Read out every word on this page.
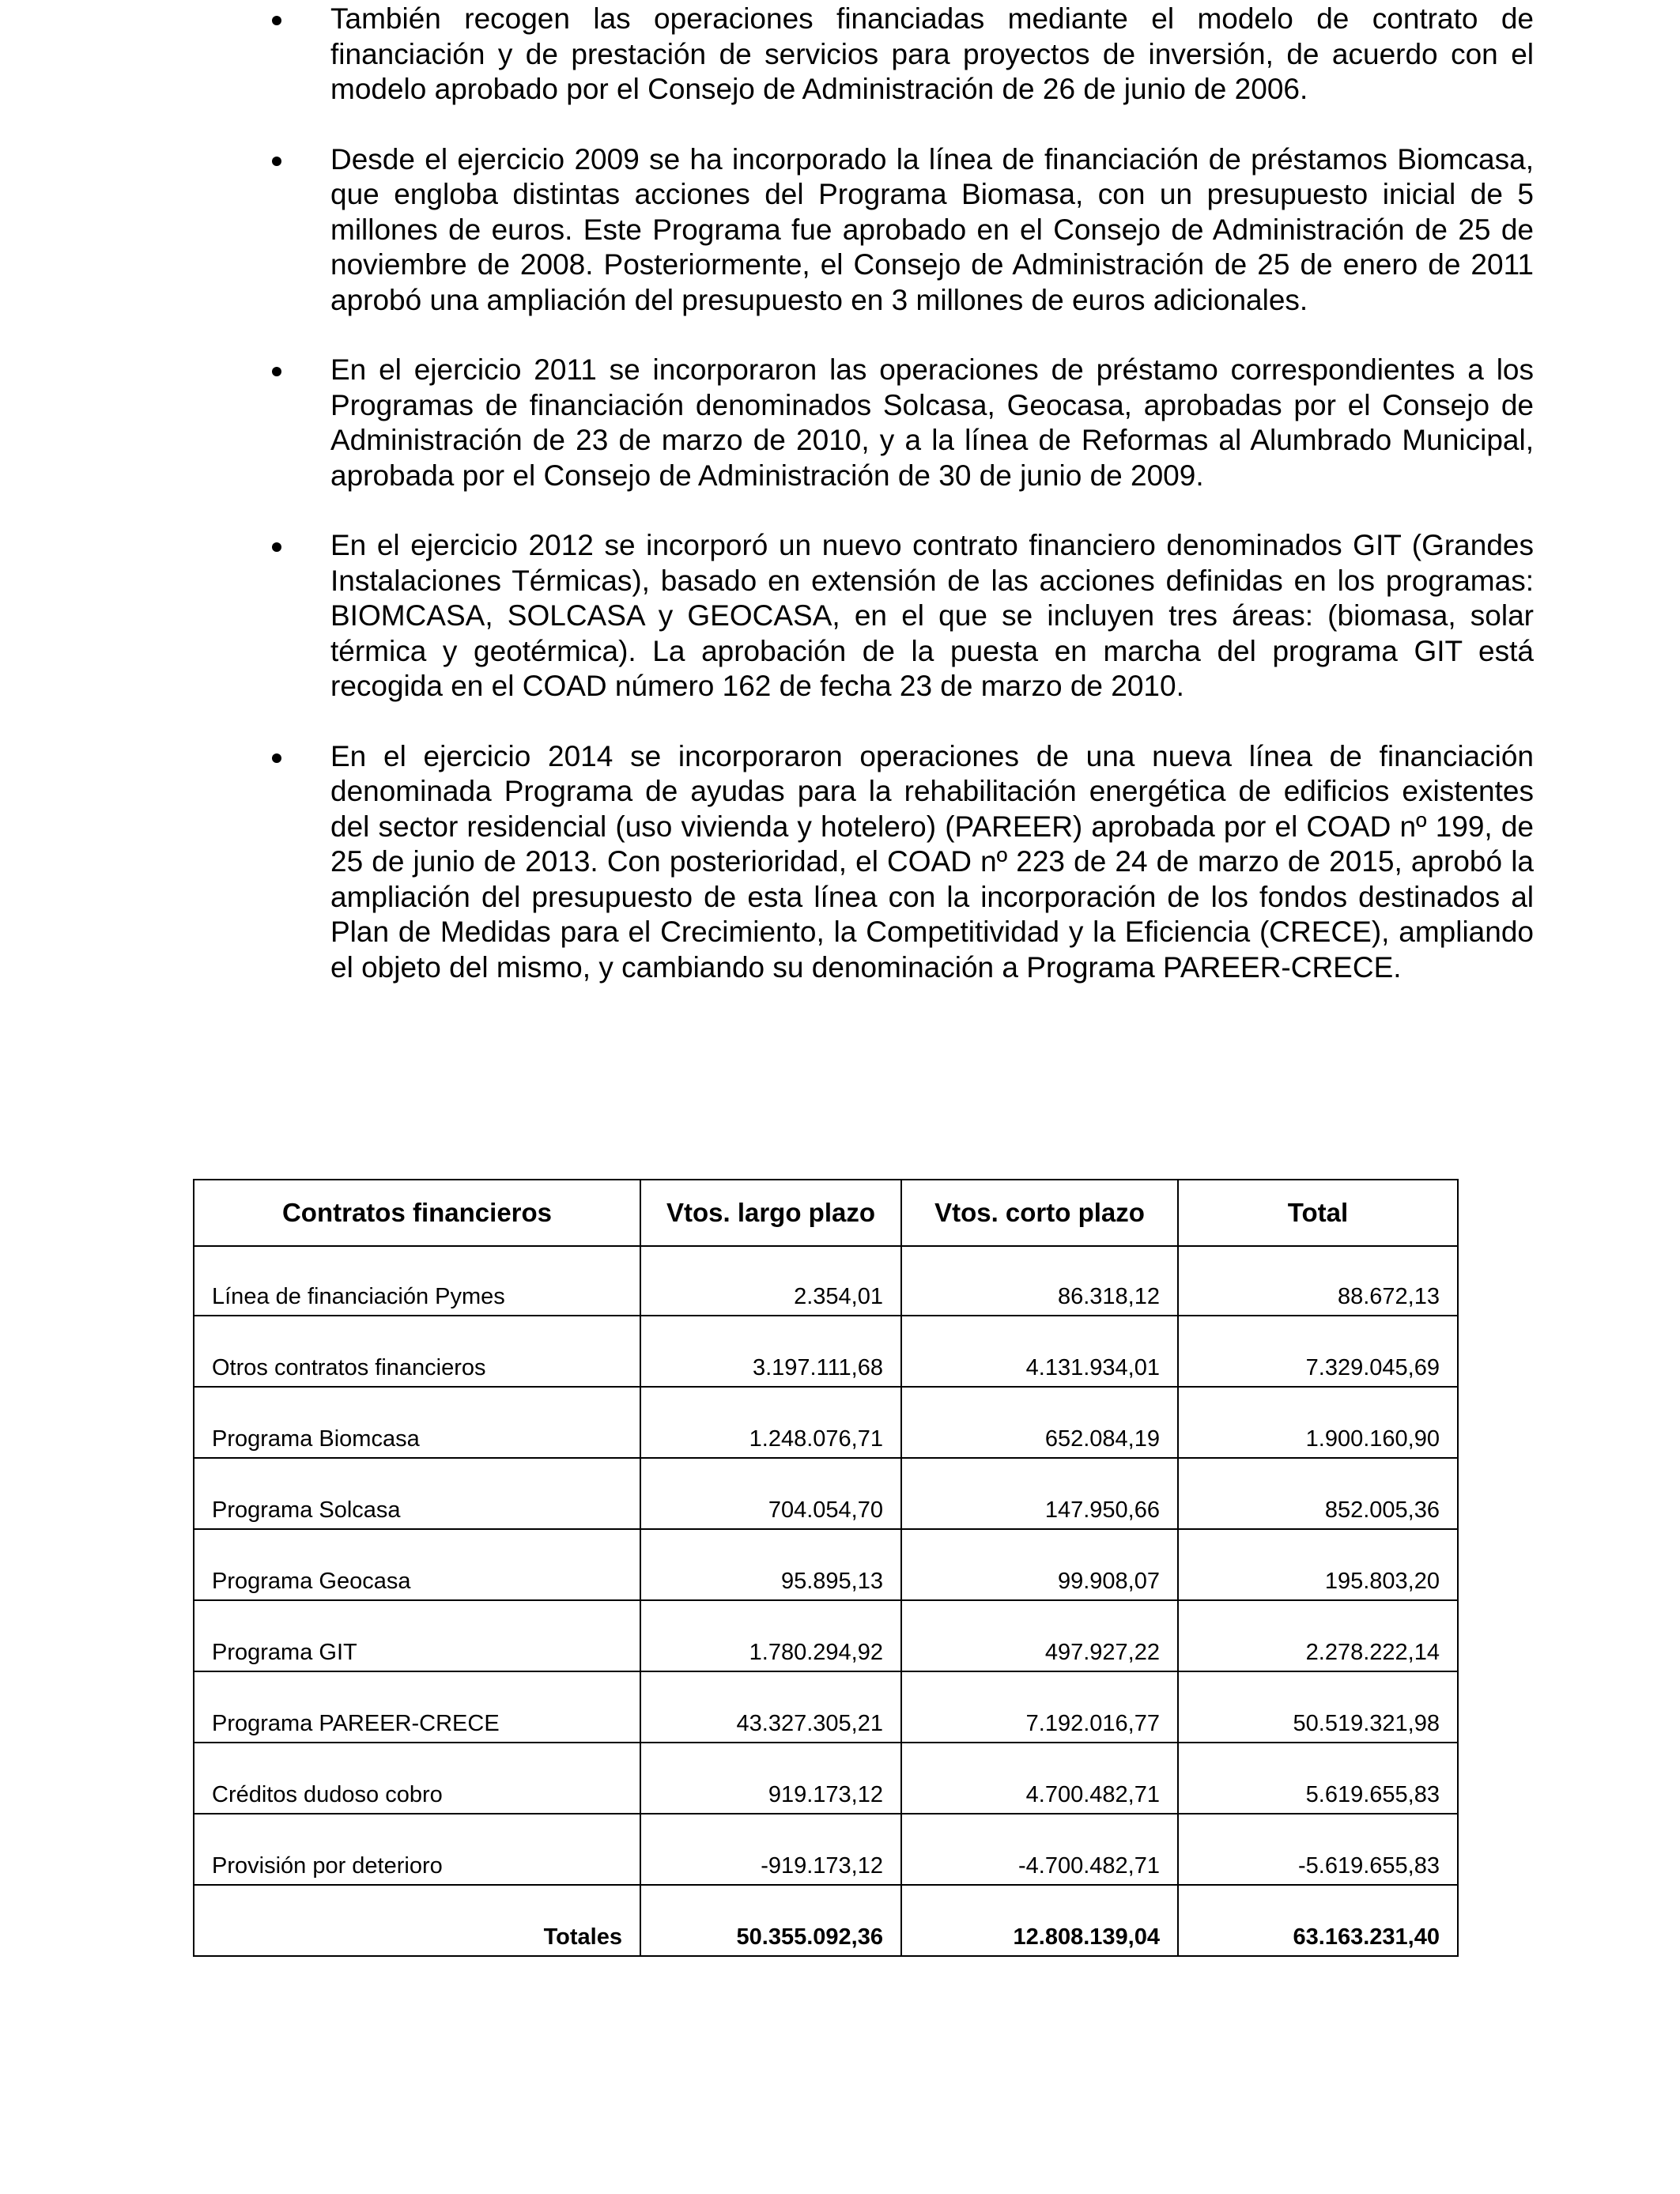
También recogen las operaciones financiadas mediante el modelo de contrato de financiación y de prestación de servicios para proyectos de inversión, de acuerdo con el modelo aprobado por el Consejo de Administración de 26 de junio de 2006.
Desde el ejercicio 2009 se ha incorporado la línea de financiación de préstamos Biomcasa, que engloba distintas acciones del Programa Biomasa, con un presupuesto inicial de 5 millones de euros. Este Programa fue aprobado en el Consejo de Administración de 25 de noviembre de 2008. Posteriormente, el Consejo de Administración de 25 de enero de 2011 aprobó una ampliación del presupuesto en 3 millones de euros adicionales.
En el ejercicio 2011 se incorporaron las operaciones de préstamo correspondientes a los Programas de financiación denominados Solcasa, Geocasa, aprobadas por el Consejo de Administración de 23 de marzo de 2010, y a la línea de Reformas al Alumbrado Municipal, aprobada por el Consejo de Administración de 30 de junio de 2009.
En el ejercicio 2012 se incorporó un nuevo contrato financiero denominados GIT (Grandes Instalaciones Térmicas), basado en extensión de las acciones definidas en los programas: BIOMCASA, SOLCASA y GEOCASA, en el que se incluyen tres áreas: (biomasa, solar térmica y geotérmica). La aprobación de la puesta en marcha del programa GIT está recogida en el COAD número 162 de fecha 23 de marzo de 2010.
En el ejercicio 2014 se incorporaron operaciones de una nueva línea de financiación denominada Programa de ayudas para la rehabilitación energética de edificios existentes del sector residencial (uso vivienda y hotelero) (PAREER) aprobada por el COAD nº 199, de 25 de junio de 2013. Con posterioridad, el COAD nº 223 de 24 de marzo de 2015, aprobó la ampliación del presupuesto de esta línea con la incorporación de los fondos destinados al Plan de Medidas para el Crecimiento, la Competitividad y la Eficiencia (CRECE), ampliando el objeto del mismo, y cambiando su denominación a Programa PAREER-CRECE.
Contratos financieros	Vtos. largo plazo	Vtos. corto plazo	Total
Línea de financiación Pymes	2.354,01	86.318,12	88.672,13
Otros contratos financieros	3.197.111,68	4.131.934,01	7.329.045,69
Programa Biomcasa	1.248.076,71	652.084,19	1.900.160,90
Programa Solcasa	704.054,70	147.950,66	852.005,36
Programa Geocasa	95.895,13	99.908,07	195.803,20
Programa GIT	1.780.294,92	497.927,22	2.278.222,14
Programa PAREER-CRECE	43.327.305,21	7.192.016,77	50.519.321,98
Créditos dudoso cobro	919.173,12	4.700.482,71	5.619.655,83
Provisión por deterioro	-919.173,12	-4.700.482,71	-5.619.655,83
Totales	50.355.092,36	12.808.139,04	63.163.231,40
